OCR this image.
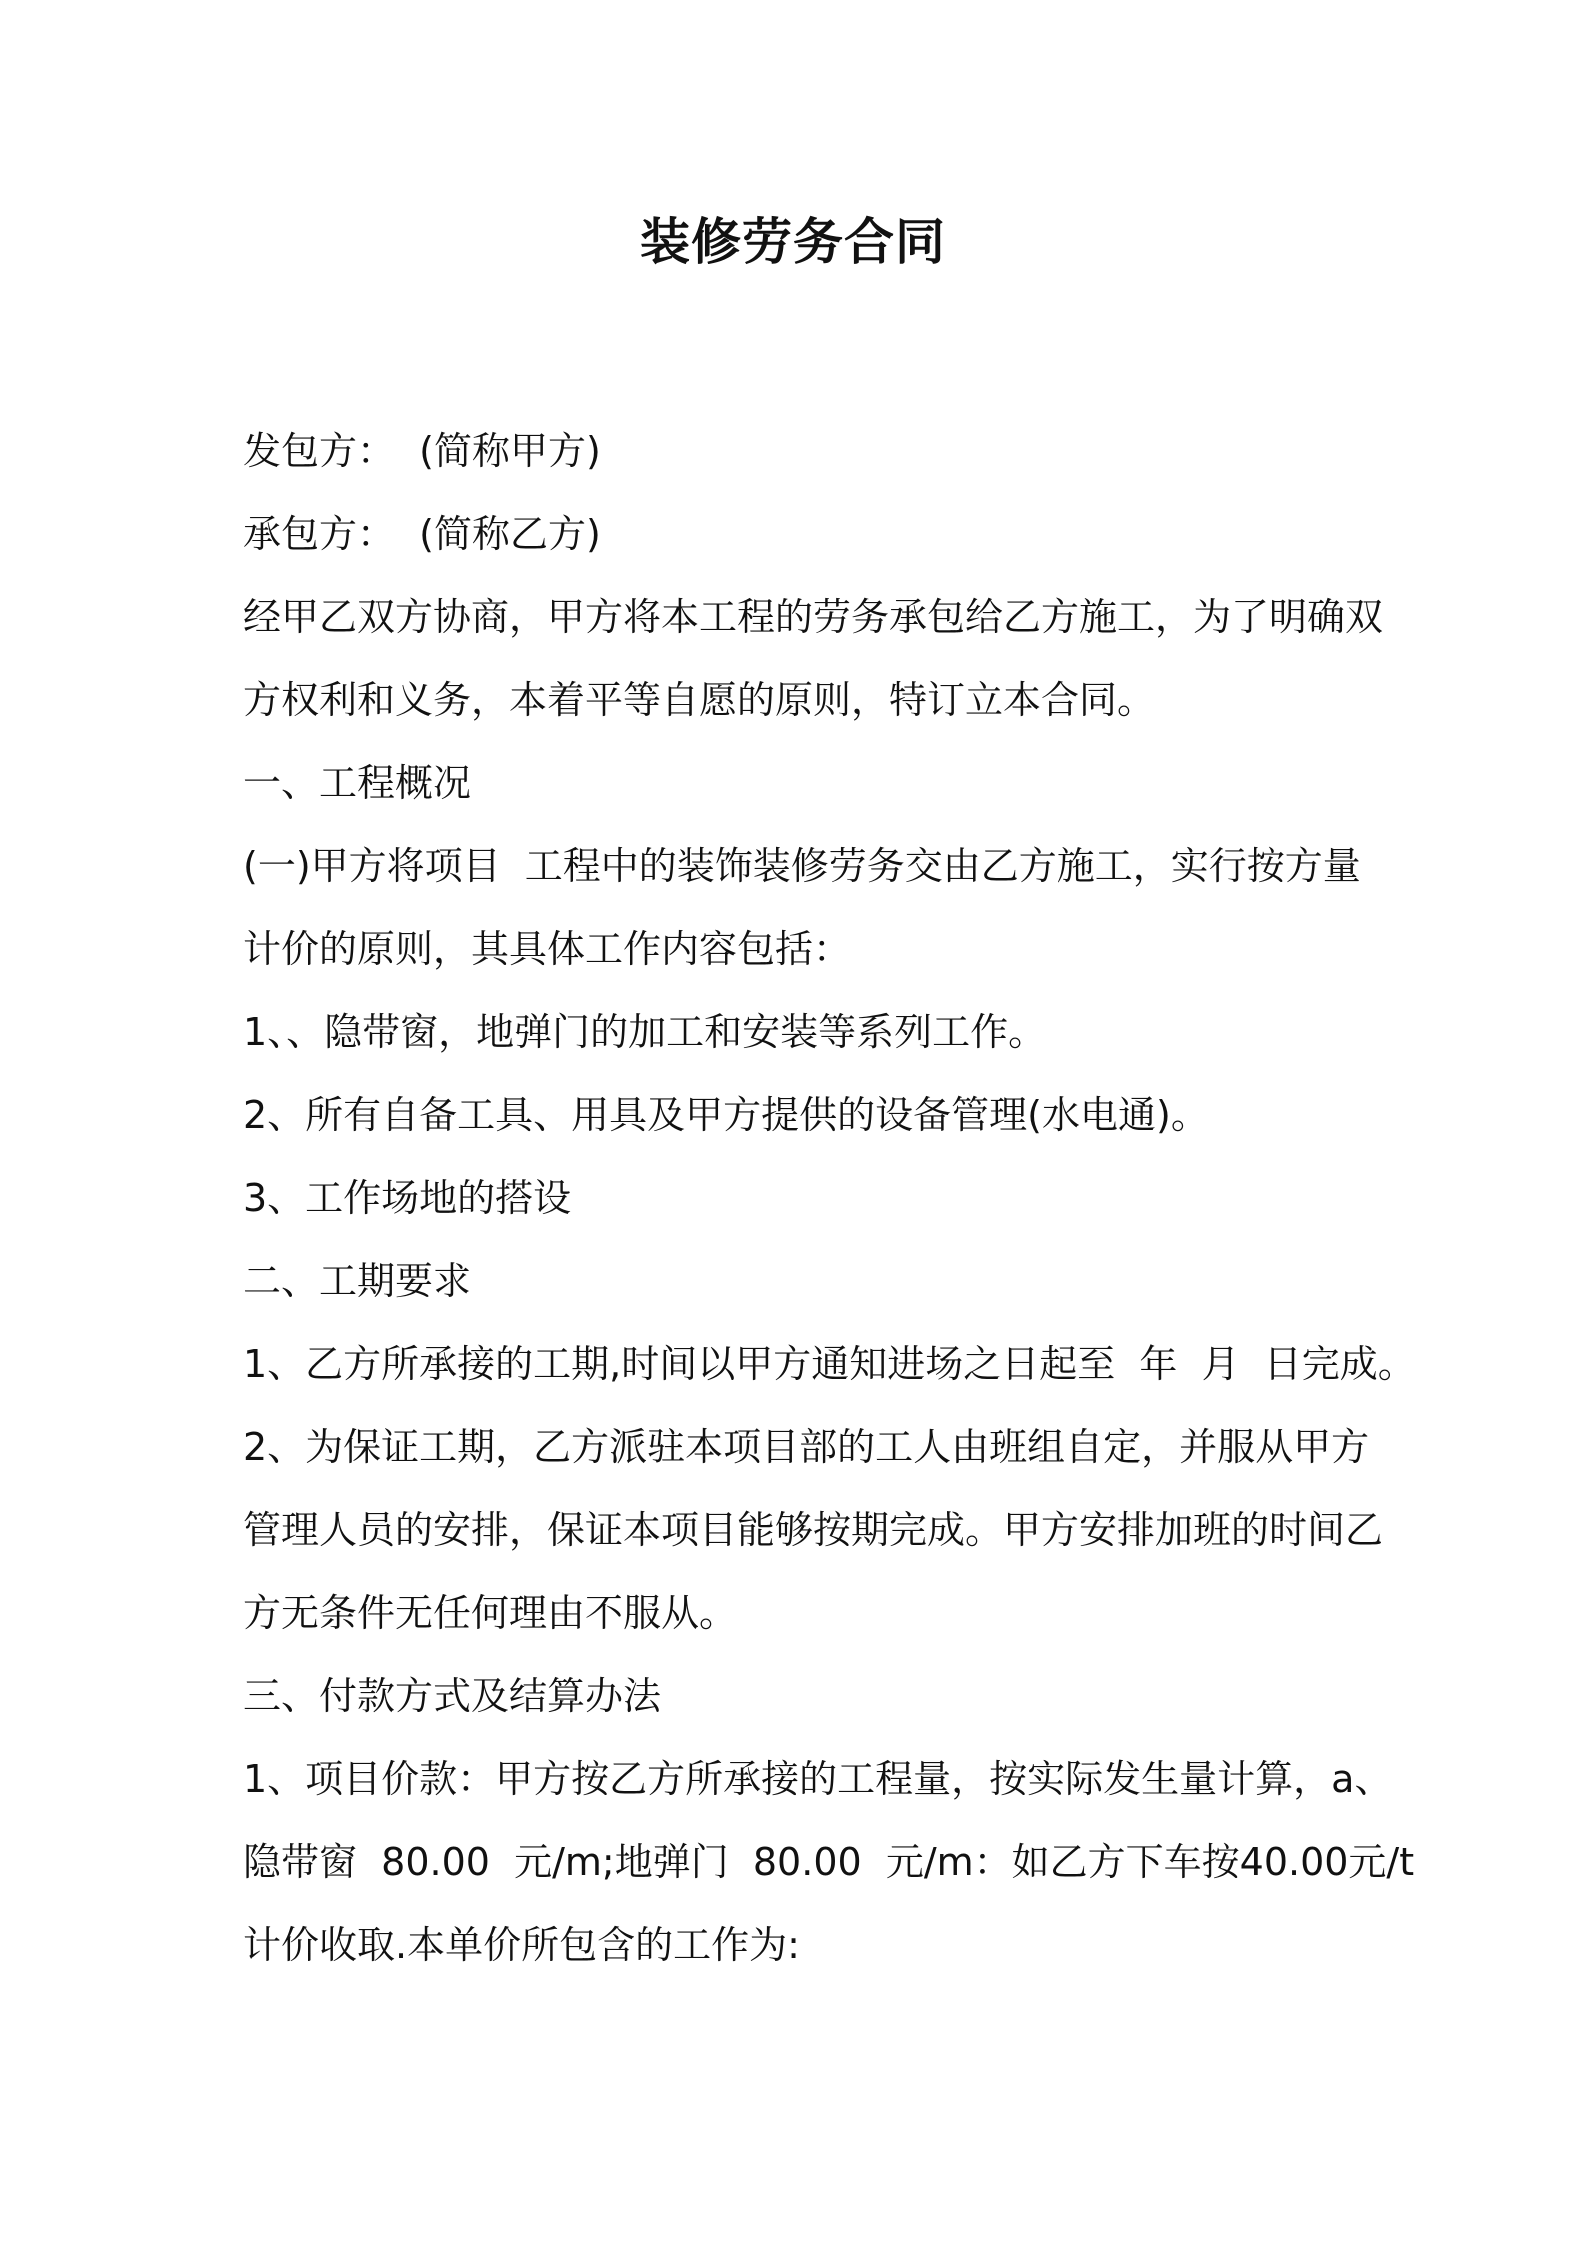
装修劳务合同

发包方：  (简称甲方)

承包方：  (简称乙方)

经甲乙双方协商，甲方将本工程的劳务承包给乙方施工，为了明确双

方权利和义务，本着平等自愿的原则，特订立本合同。

一、工程概况

(一)甲方将项目  工程中的装饰装修劳务交由乙方施工，实行按方量

计价的原则，其具体工作内容包括：

1、、隐带窗，地弹门的加工和安装等系列工作。

2、所有自备工具、用具及甲方提供的设备管理(水电通)。

3、工作场地的搭设

二、工期要求

1、乙方所承接的工期,时间以甲方通知进场之日起至  年  月  日完成。

2、为保证工期，乙方派驻本项目部的工人由班组自定，并服从甲方

管理人员的安排，保证本项目能够按期完成。甲方安排加班的时间乙

方无条件无任何理由不服从。

三、付款方式及结算办法

1、项目价款：甲方按乙方所承接的工程量，按实际发生量计算，a、

隐带窗  80.00  元/m;地弹门  80.00  元/m：如乙方下车按40.00元/t

计价收取.本单价所包含的工作为:
